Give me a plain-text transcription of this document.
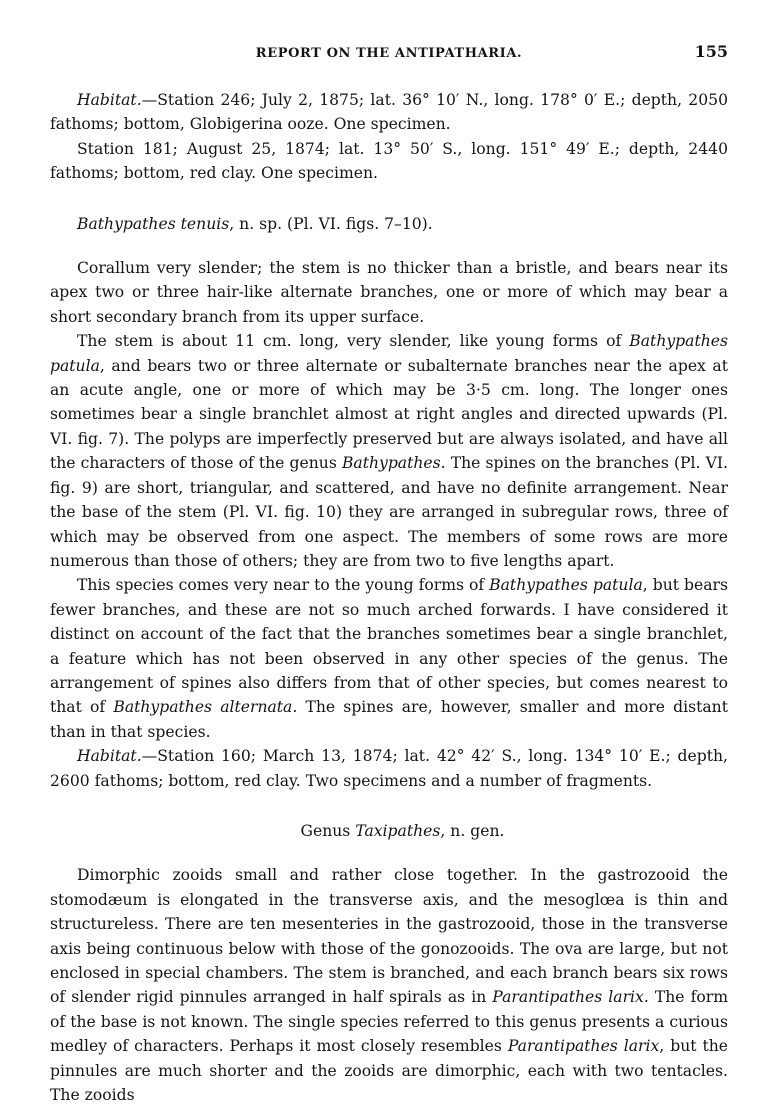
REPORT ON THE ANTIPATHARIA.	155

Habitat.—Station 246; July 2, 1875; lat. 36° 10′ N., long. 178° 0′ E.; depth, 2050 fathoms; bottom, Globigerina ooze. One specimen.

Station 181; August 25, 1874; lat. 13° 50′ S., long. 151° 49′ E.; depth, 2440 fathoms; bottom, red clay. One specimen.

Bathypathes tenuis, n. sp. (Pl. VI. figs. 7–10).

Corallum very slender; the stem is no thicker than a bristle, and bears near its apex two or three hair-like alternate branches, one or more of which may bear a short secondary branch from its upper surface.

The stem is about 11 cm. long, very slender, like young forms of Bathypathes patula, and bears two or three alternate or subalternate branches near the apex at an acute angle, one or more of which may be 3·5 cm. long. The longer ones sometimes bear a single branchlet almost at right angles and directed upwards (Pl. VI. fig. 7). The polyps are imperfectly preserved but are always isolated, and have all the characters of those of the genus Bathypathes. The spines on the branches (Pl. VI. fig. 9) are short, triangular, and scattered, and have no definite arrangement. Near the base of the stem (Pl. VI. fig. 10) they are arranged in subregular rows, three of which may be observed from one aspect. The members of some rows are more numerous than those of others; they are from two to five lengths apart.

This species comes very near to the young forms of Bathypathes patula, but bears fewer branches, and these are not so much arched forwards. I have considered it distinct on account of the fact that the branches sometimes bear a single branchlet, a feature which has not been observed in any other species of the genus. The arrangement of spines also differs from that of other species, but comes nearest to that of Bathypathes alternata. The spines are, however, smaller and more distant than in that species.

Habitat.—Station 160; March 13, 1874; lat. 42° 42′ S., long. 134° 10′ E.; depth, 2600 fathoms; bottom, red clay. Two specimens and a number of fragments.

Genus Taxipathes, n. gen.

Dimorphic zooids small and rather close together. In the gastrozooid the stomodæum is elongated in the transverse axis, and the mesoglœa is thin and structureless. There are ten mesenteries in the gastrozooid, those in the transverse axis being continuous below with those of the gonozooids. The ova are large, but not enclosed in special chambers. The stem is branched, and each branch bears six rows of slender rigid pinnules arranged in half spirals as in Parantipathes larix. The form of the base is not known. The single species referred to this genus presents a curious medley of characters. Perhaps it most closely resembles Parantipathes larix, but the pinnules are much shorter and the zooids are dimorphic, each with two tentacles. The zooids
